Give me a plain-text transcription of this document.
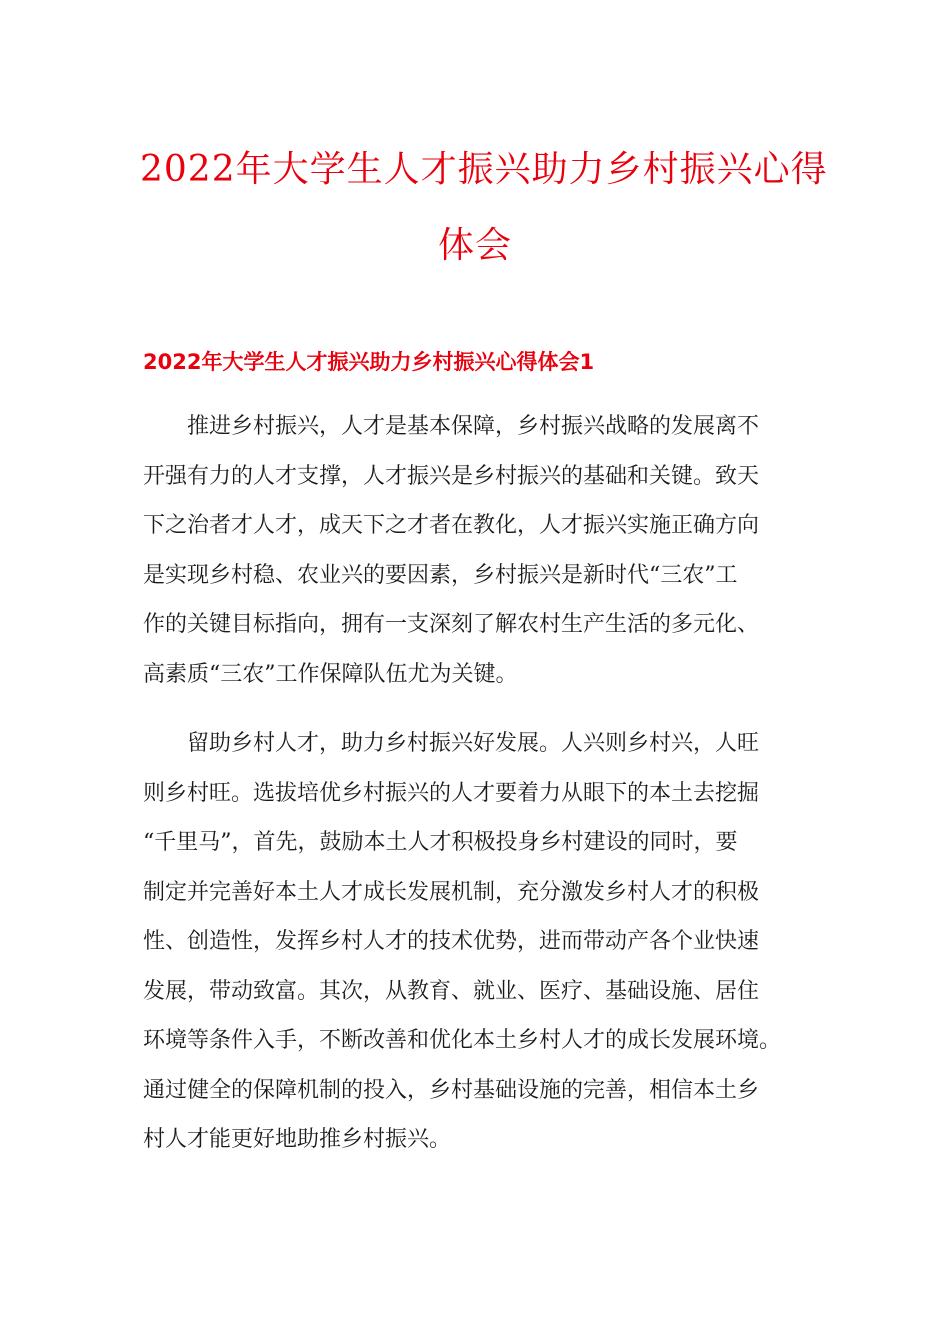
2022年大学生人才振兴助力乡村振兴心得
体会
2022年大学生人才振兴助力乡村振兴心得体会1

推进乡村振兴，人才是基本保障，乡村振兴战略的发展离不
开强有力的人才支撑，人才振兴是乡村振兴的基础和关键。致天
下之治者才人才，成天下之才者在教化，人才振兴实施正确方向
是实现乡村稳、农业兴的要因素，乡村振兴是新时代“三农”工
作的关键目标指向，拥有一支深刻了解农村生产生活的多元化、
高素质“三农”工作保障队伍尤为关键。

留助乡村人才，助力乡村振兴好发展。人兴则乡村兴，人旺
则乡村旺。选拔培优乡村振兴的人才要着力从眼下的本土去挖掘
“千里马”，首先，鼓励本土人才积极投身乡村建设的同时，要
制定并完善好本土人才成长发展机制，充分激发乡村人才的积极
性、创造性，发挥乡村人才的技术优势，进而带动产各个业快速
发展，带动致富。其次，从教育、就业、医疗、基础设施、居住
环境等条件入手，不断改善和优化本土乡村人才的成长发展环境。
通过健全的保障机制的投入，乡村基础设施的完善，相信本土乡
村人才能更好地助推乡村振兴。
